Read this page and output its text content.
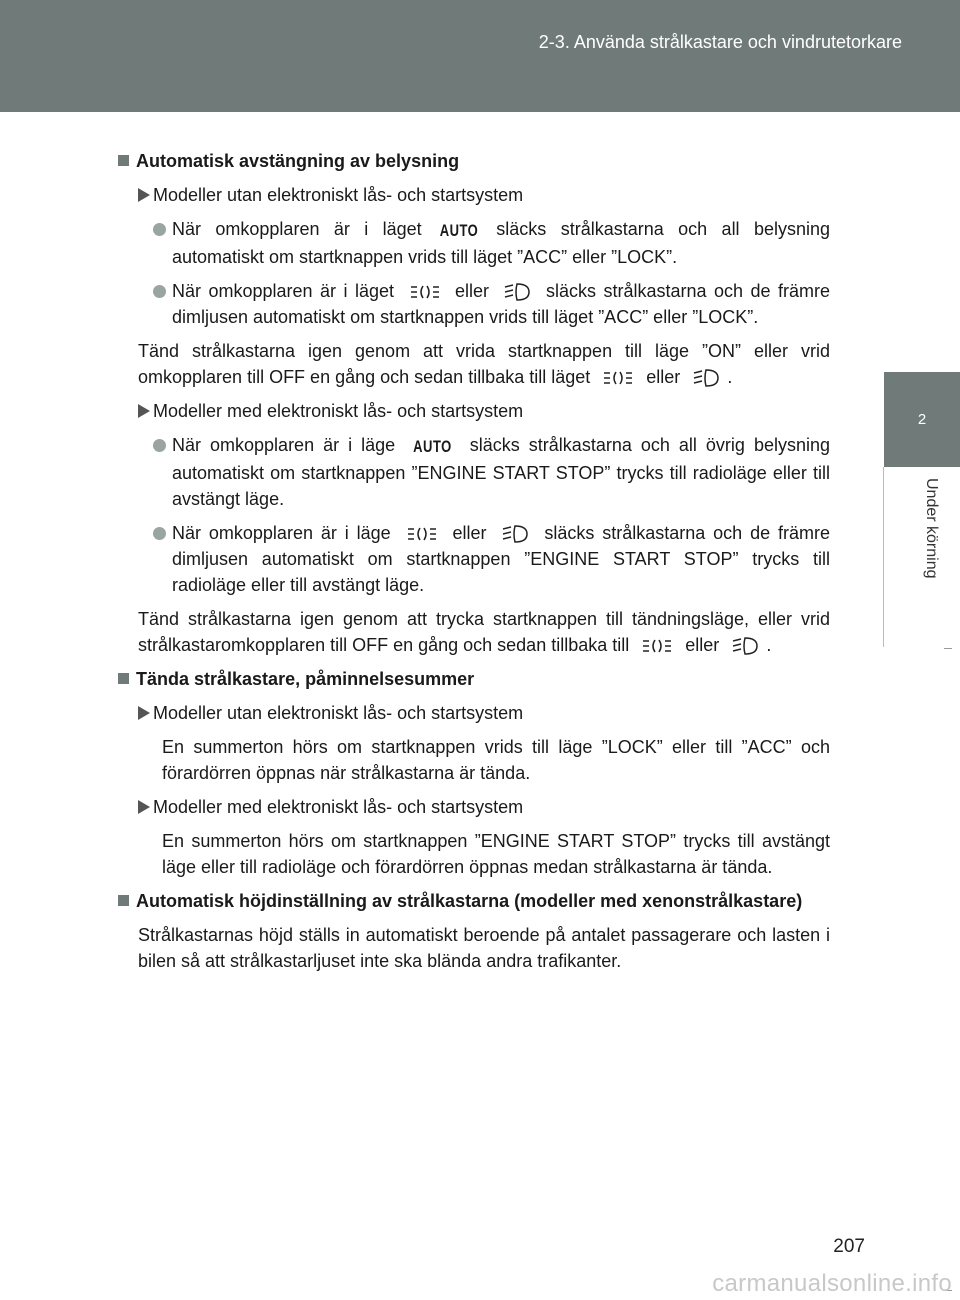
2-3. Använda strålkastare och vindrutetorkare
2
Under körning
Automatisk avstängning av belysning
Modeller utan elektroniskt lås- och startsystem
När omkopplaren är i läget AUTO släcks strålkastarna och all belysning automatiskt om startknappen vrids till läget ”ACC” eller ”LOCK”.
När omkopplaren är i läget	eller	släcks strålkastarna och de främre dimljusen automatiskt om startknappen vrids till läget ”ACC” eller ”LOCK”.
Tänd strålkastarna igen genom att vrida startknappen till läge ”ON” eller vrid omkopplaren till OFF en gång och sedan tillbaka till läget	eller	.
Modeller med elektroniskt lås- och startsystem
När omkopplaren är i läge AUTO släcks strålkastarna och all övrig belysning automatiskt om startknappen ”ENGINE START STOP” trycks till radioläge eller till avstängt läge.
När omkopplaren är i läge	eller	släcks strålkastarna och de främre dimljusen automatiskt om startknappen ”ENGINE START STOP” trycks till radioläge eller till avstängt läge.
Tänd strålkastarna igen genom att trycka startknappen till tändningsläge, eller vrid strålkastaromkopplaren till OFF en gång och sedan tillbaka till	eller	.
Tända strålkastare, påminnelsesummer
Modeller utan elektroniskt lås- och startsystem
En summerton hörs om startknappen vrids till läge ”LOCK” eller till ”ACC” och förardörren öppnas när strålkastarna är tända.
Modeller med elektroniskt lås- och startsystem
En summerton hörs om startknappen ”ENGINE START STOP” trycks till avstängt läge eller till radioläge och förardörren öppnas medan strålkastarna är tända.
Automatisk höjdinställning av strålkastarna (modeller med xenonstrålkastare)
Strålkastarnas höjd ställs in automatiskt beroende på antalet passagerare och lasten i bilen så att strålkastarljuset inte ska blända andra trafikanter.
207
carmanualsonline.info
